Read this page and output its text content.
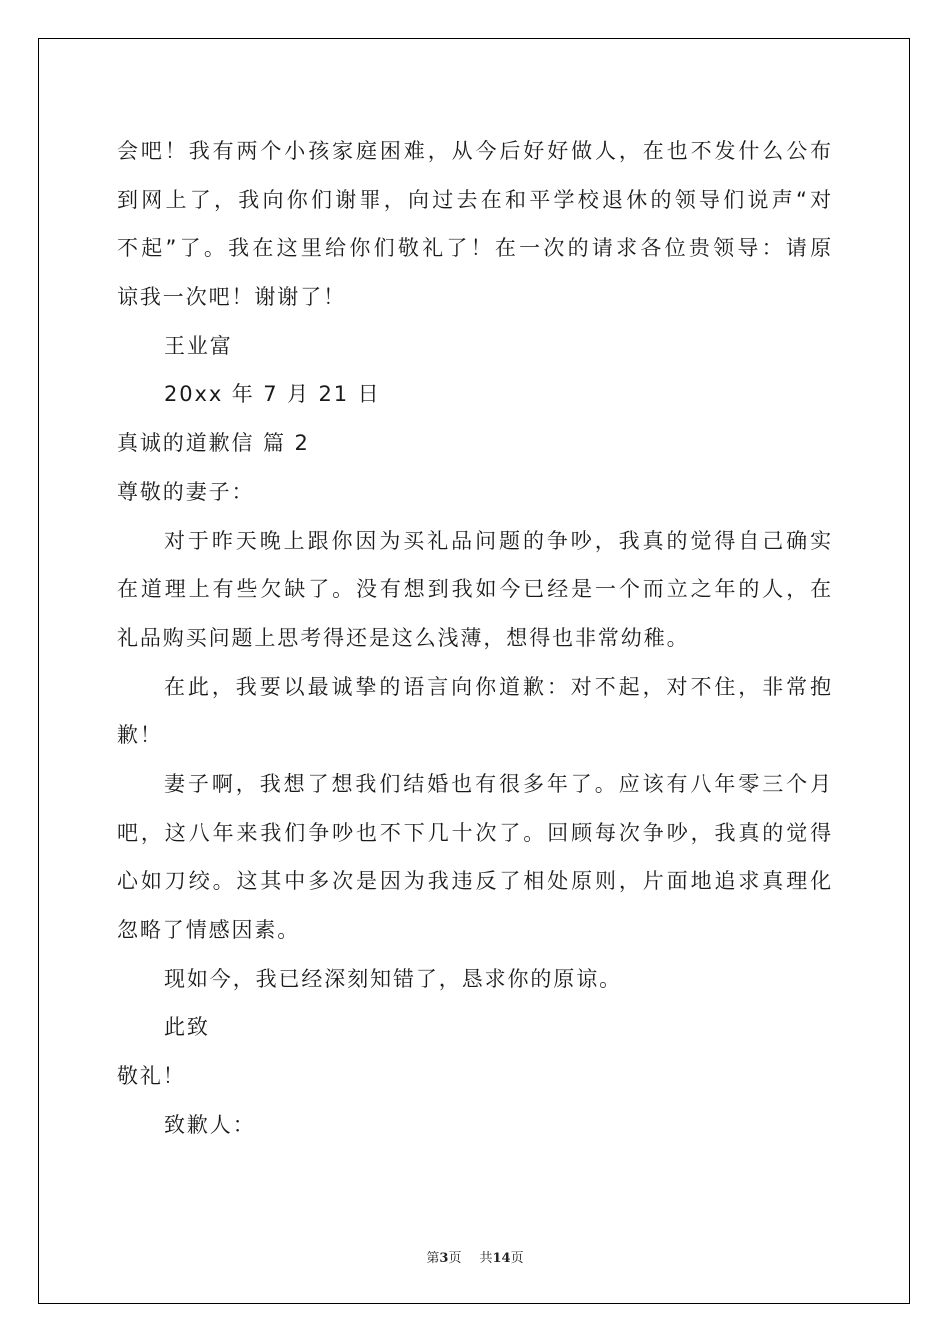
会吧！我有两个小孩家庭困难，从今后好好做人，在也不发什么公布
到网上了，我向你们谢罪，向过去在和平学校退休的领导们说声“对
不起”了。我在这里给你们敬礼了！在一次的请求各位贵领导：请原
谅我一次吧！谢谢了！
王业富
20xx 年 7 月 21 日
真诚的道歉信 篇 2
尊敬的妻子：
对于昨天晚上跟你因为买礼品问题的争吵，我真的觉得自己确实
在道理上有些欠缺了。没有想到我如今已经是一个而立之年的人，在
礼品购买问题上思考得还是这么浅薄，想得也非常幼稚。
在此，我要以最诚挚的语言向你道歉：对不起，对不住，非常抱
歉！
妻子啊，我想了想我们结婚也有很多年了。应该有八年零三个月
吧，这八年来我们争吵也不下几十次了。回顾每次争吵，我真的觉得
心如刀绞。这其中多次是因为我违反了相处原则，片面地追求真理化
忽略了情感因素。
现如今，我已经深刻知错了，恳求你的原谅。
此致
敬礼！
致歉人：
第3页 共14页
